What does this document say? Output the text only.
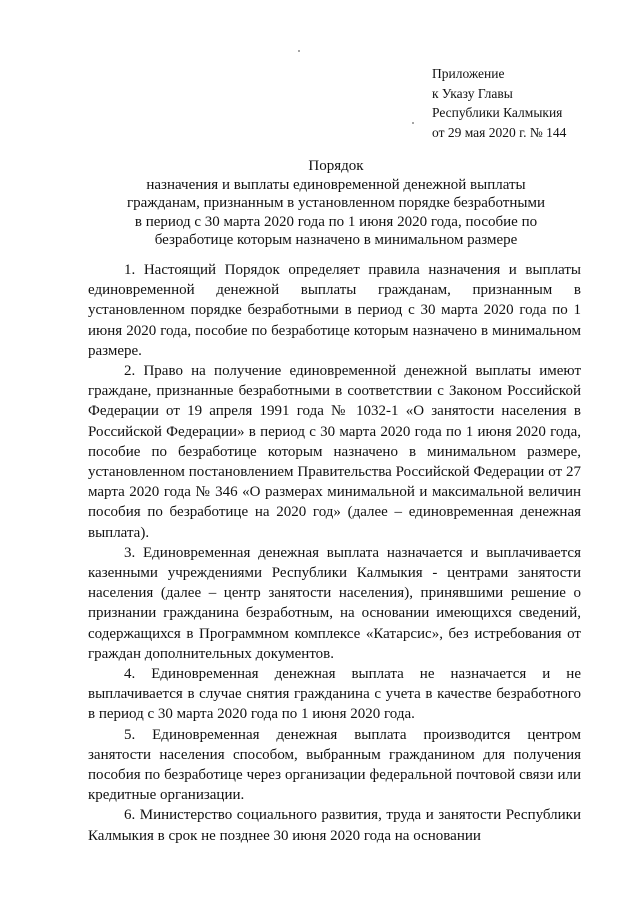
Приложение
к Указу Главы
Республики Калмыкия
от 29 мая 2020 г. № 144
Порядок
назначения и выплаты единовременной денежной выплаты
гражданам, признанным в установленном порядке безработными
в период с 30 марта 2020 года по 1 июня 2020 года, пособие по
безработице которым назначено в минимальном размере

1. Настоящий Порядок определяет правила назначения и выплаты единовременной денежной выплаты гражданам, признанным в установленном порядке безработными в период с 30 марта 2020 года по 1 июня 2020 года, пособие по безработице которым назначено в минимальном размере.

2. Право на получение единовременной денежной выплаты имеют граждане, признанные безработными в соответствии с Законом Российской Федерации от 19 апреля 1991 года № 1032-1 «О занятости населения в Российской Федерации» в период с 30 марта 2020 года по 1 июня 2020 года, пособие по безработице которым назначено в минимальном размере, установленном постановлением Правительства Российской Федерации от 27 марта 2020 года № 346 «О размерах минимальной и максимальной величин пособия по безработице на 2020 год» (далее – единовременная денежная выплата).

3. Единовременная денежная выплата назначается и выплачивается казенными учреждениями Республики Калмыкия - центрами занятости населения (далее – центр занятости населения), принявшими решение о признании гражданина безработным, на основании имеющихся сведений, содержащихся в Программном комплексе «Катарсис», без истребования от граждан дополнительных документов.

4. Единовременная денежная выплата не назначается и не выплачивается в случае снятия гражданина с учета в качестве безработного в период с 30 марта 2020 года по 1 июня 2020 года.

5. Единовременная денежная выплата производится центром занятости населения способом, выбранным гражданином для получения пособия по безработице через организации федеральной почтовой связи или кредитные организации.

6. Министерство социального развития, труда и занятости Республики Калмыкия в срок не позднее 30 июня 2020 года на основании
